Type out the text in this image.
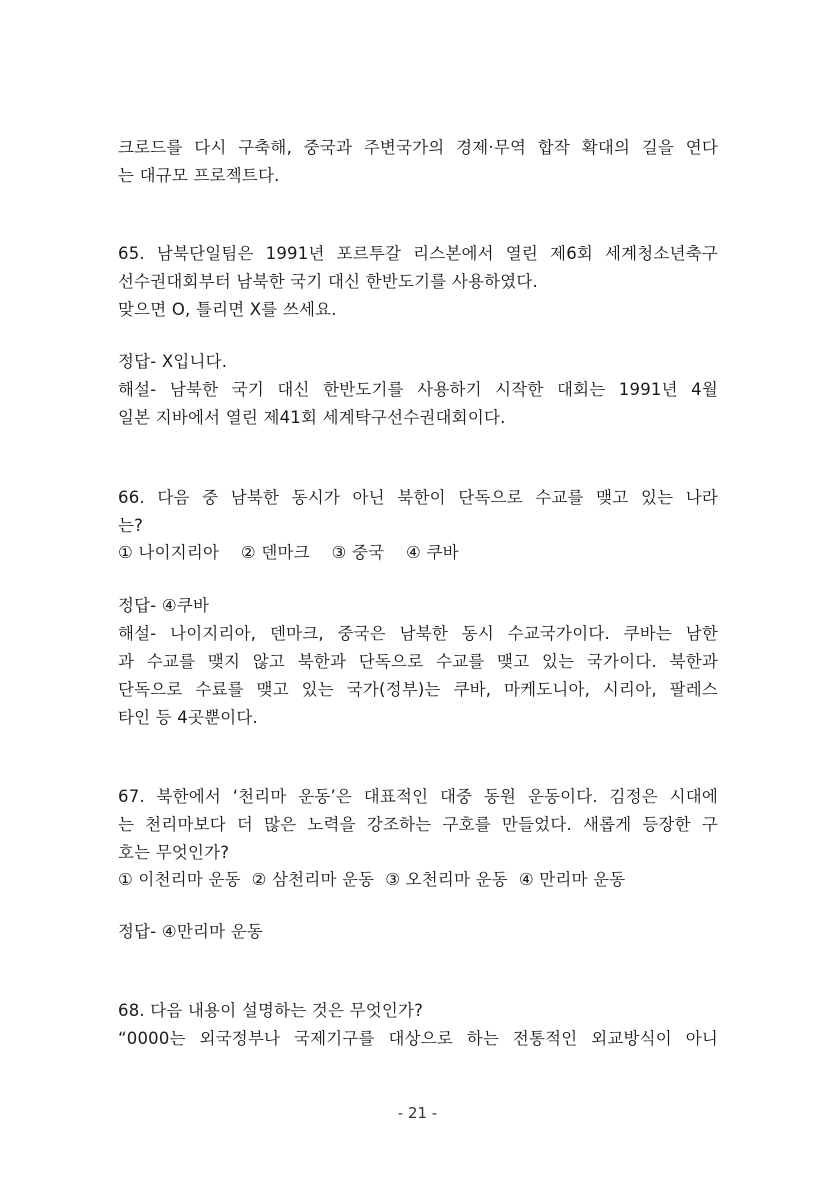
크로드를 다시 구축해, 중국과 주변국가의 경제·무역 합작 확대의 길을 연다
는 대규모 프로젝트다.
65. 남북단일팀은 1991년 포르투갈 리스본에서 열린 제6회 세계청소년축구
선수권대회부터 남북한 국기 대신 한반도기를 사용하였다.
맞으면 O, 틀리면 X를 쓰세요.
정답- X입니다.
해설- 남북한 국기 대신 한반도기를 사용하기 시작한 대회는 1991년 4월
일본 지바에서 열린 제41회 세계탁구선수권대회이다.
66. 다음 중 남북한 동시가 아닌 북한이 단독으로 수교를 맺고 있는 나라
는?
① 나이지리아    ② 덴마크    ③ 중국    ④ 쿠바
정답- ④쿠바
해설- 나이지리아, 덴마크, 중국은 남북한 동시 수교국가이다. 쿠바는 남한
과 수교를 맺지 않고 북한과 단독으로 수교를 맺고 있는 국가이다. 북한과
단독으로 수료를 맺고 있는 국가(정부)는 쿠바, 마케도니아, 시리아, 팔레스
타인 등 4곳뿐이다.
67. 북한에서 ‘천리마 운동’은 대표적인 대중 동원 운동이다. 김정은 시대에
는 천리마보다 더 많은 노력을 강조하는 구호를 만들었다. 새롭게 등장한 구
호는 무엇인가?
① 이천리마 운동  ② 삼천리마 운동  ③ 오천리마 운동  ④ 만리마 운동
정답- ④만리마 운동
68. 다음 내용이 설명하는 것은 무엇인가?
“0000는 외국정부나 국제기구를 대상으로 하는 전통적인 외교방식이 아니
- 21 -
